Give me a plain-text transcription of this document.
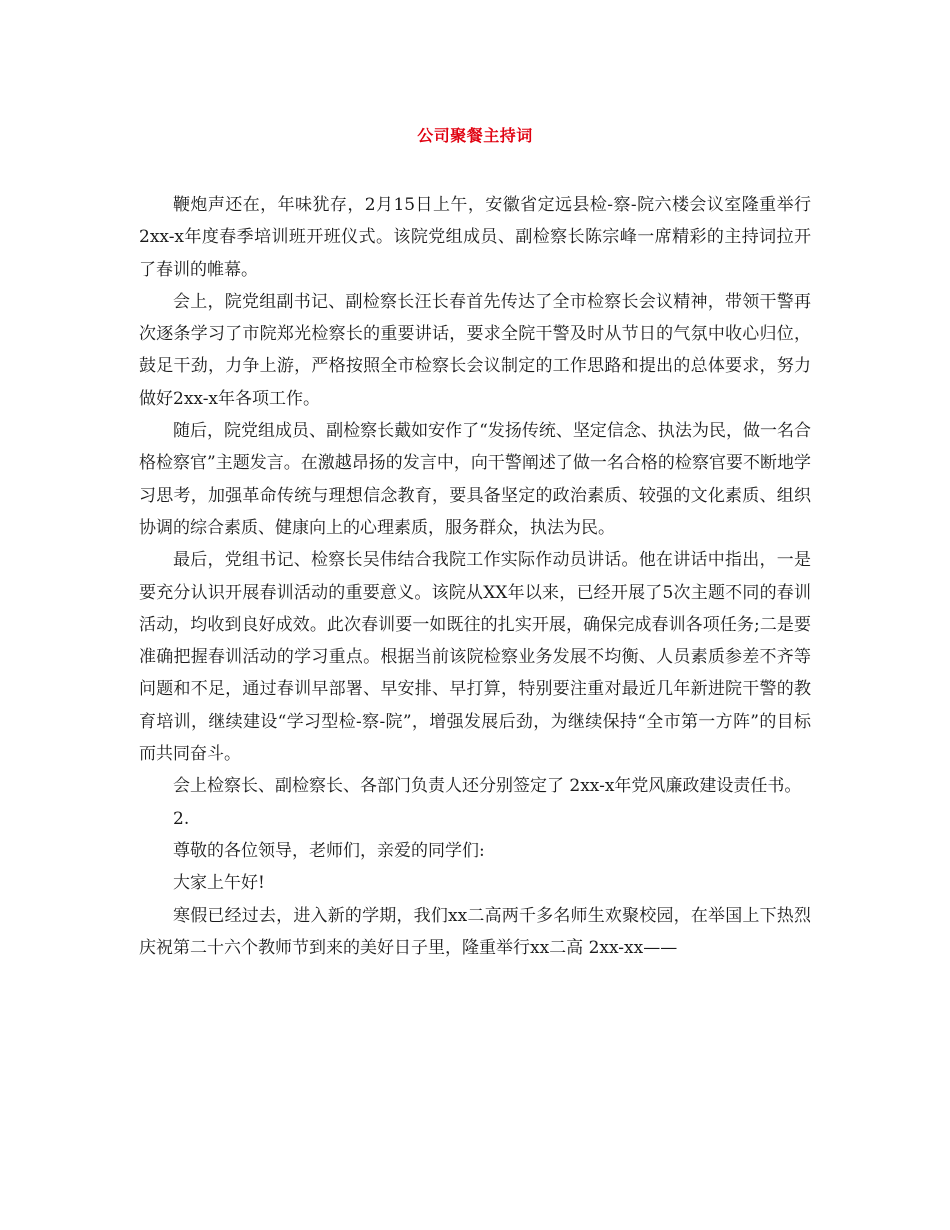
公司聚餐主持词

鞭炮声还在，年味犹存，2月15日上午，安徽省定远县检-察-院六楼会议室隆重举行 2xx-x年度春季培训班开班仪式。该院党组成员、副检察长陈宗峰一席精彩的主持词拉开了春训的帷幕。

会上，院党组副书记、副检察长汪长春首先传达了全市检察长会议精神，带领干警再次逐条学习了市院郑光检察长的重要讲话，要求全院干警及时从节日的气氛中收心归位，鼓足干劲，力争上游，严格按照全市检察长会议制定的工作思路和提出的总体要求，努力做好2xx-x年各项工作。

随后，院党组成员、副检察长戴如安作了“发扬传统、坚定信念、执法为民，做一名合格检察官”主题发言。在激越昂扬的发言中，向干警阐述了做一名合格的检察官要不断地学习思考，加强革命传统与理想信念教育，要具备坚定的政治素质、较强的文化素质、组织协调的综合素质、健康向上的心理素质，服务群众，执法为民。

最后，党组书记、检察长吴伟结合我院工作实际作动员讲话。他在讲话中指出，一是要充分认识开展春训活动的重要意义。该院从XX年以来，已经开展了5次主题不同的春训活动，均收到良好成效。此次春训要一如既往的扎实开展，确保完成春训各项任务;二是要准确把握春训活动的学习重点。根据当前该院检察业务发展不均衡、人员素质参差不齐等问题和不足，通过春训早部署、早安排、早打算，特别要注重对最近几年新进院干警的教育培训，继续建设“学习型检-察-院”，增强发展后劲，为继续保持“全市第一方阵”的目标而共同奋斗。

会上检察长、副检察长、各部门负责人还分别签定了 2xx-x年党风廉政建设责任书。

2.

尊敬的各位领导，老师们，亲爱的同学们:

大家上午好!

寒假已经过去，进入新的学期，我们xx二高两千多名师生欢聚校园，在举国上下热烈庆祝第二十六个教师节到来的美好日子里，隆重举行xx二高 2xx-xx——
